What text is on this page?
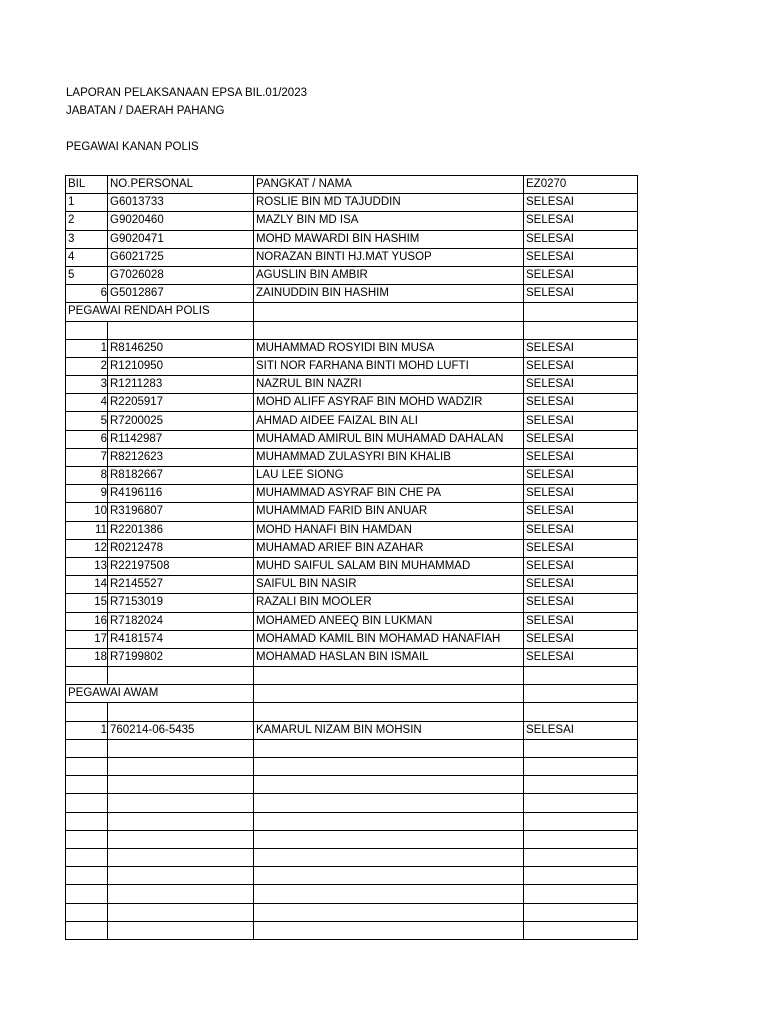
LAPORAN PELAKSANAAN EPSA BIL.01/2023
JABATAN / DAERAH PAHANG
PEGAWAI KANAN POLIS
BIL	NO.PERSONAL	PANGKAT / NAMA	EZ0270
1	G6013733	ROSLIE BIN MD TAJUDDIN	SELESAI
2	G9020460	MAZLY BIN MD ISA	SELESAI
3	G9020471	MOHD MAWARDI BIN HASHIM	SELESAI
4	G6021725	NORAZAN BINTI HJ.MAT YUSOP	SELESAI
5	G7026028	AGUSLIN BIN AMBIR	SELESAI
6	G5012867	ZAINUDDIN BIN HASHIM	SELESAI

PEGAWAI RENDAH POLIS			

1	R8146250	MUHAMMAD ROSYIDI BIN MUSA	SELESAI
2	R1210950	SITI NOR FARHANA BINTI MOHD LUFTI	SELESAI
3	R1211283	NAZRUL BIN NAZRI	SELESAI
4	R2205917	MOHD ALIFF ASYRAF BIN MOHD WADZIR	SELESAI
5	R7200025	AHMAD AIDEE FAIZAL BIN ALI	SELESAI
6	R1142987	MUHAMAD AMIRUL BIN MUHAMAD DAHALAN	SELESAI
7	R8212623	MUHAMMAD ZULASYRI BIN KHALIB	SELESAI
8	R8182667	LAU LEE SIONG	SELESAI
9	R4196116	MUHAMMAD ASYRAF BIN CHE PA	SELESAI
10	R3196807	MUHAMMAD FARID BIN ANUAR	SELESAI
11	R2201386	MOHD HANAFI BIN HAMDAN	SELESAI
12	R0212478	MUHAMAD ARIEF BIN AZAHAR	SELESAI
13	R22197508	MUHD SAIFUL SALAM BIN MUHAMMAD	SELESAI
14	R2145527	SAIFUL BIN NASIR	SELESAI
15	R7153019	RAZALI BIN MOOLER	SELESAI
16	R7182024	MOHAMED ANEEQ BIN LUKMAN	SELESAI
17	R4181574	MOHAMAD KAMIL BIN MOHAMAD HANAFIAH	SELESAI
18	R7199802	MOHAMAD HASLAN BIN ISMAIL	SELESAI

PEGAWAI AWAM			

1	760214-06-5435	KAMARUL NIZAM BIN MOHSIN	SELESAI
